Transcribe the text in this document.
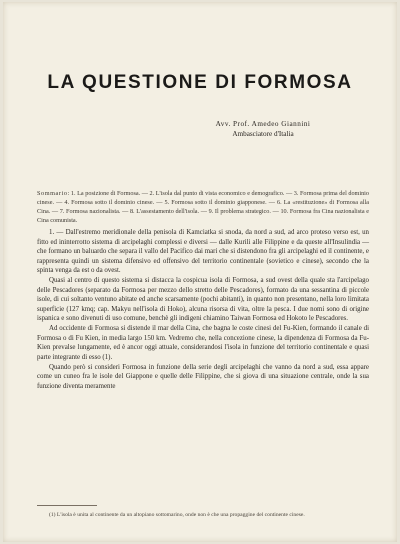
LA QUESTIONE DI FORMOSA
Avv. Prof. Amedeo Giannini
Ambasciatore d'Italia
Sommario: 1. La posizione di Formosa. — 2. L'isola dal punto di vista economico e demografico. — 3. Formosa prima del dominio cinese. — 4. Formosa sotto il dominio cinese. — 5. Formosa sotto il dominio giapponese. — 6. La «restituzione» di Formosa alla Cina. — 7. Formosa nazionalista. — 8. L'assestamento dell'isola. — 9. Il problema strategico. — 10. Formosa fra Cina nazionalista e Cina comunista.

1. — Dall'estremo meridionale della penisola di Kamciatka si snoda, da nord a sud, ad arco proteso verso est, un fitto ed ininterrotto sistema di arcipelaghi complessi e diversi — dalle Kurili alle Filippine e da queste all'Insulindia — che formano un baluardo che separa il vallo del Pacifico dai mari che si distendono fra gli arcipelaghi ed il continente, e rappresenta quindi un sistema difensivo ed offensivo del territorio continentale (sovietico e cinese), secondo che la spinta venga da est o da ovest.

Quasi al centro di questo sistema si distacca la cospicua isola di Formosa, a sud ovest della quale sta l'arcipelago delle Pescadores (separato da Formosa per mezzo dello stretto delle Pescadores), formato da una sessantina di piccole isole, di cui soltanto ventuno abitate ed anche scarsamente (pochi abitanti), in quanto non presentano, nella loro limitata superficie (127 kmq; cap. Makyu nell'isola di Hoko), alcuna risorsa di vita, oltre la pesca. I due nomi sono di origine ispanica e sono divenuti di uso comune, benchè gli indigeni chiamino Taiwan Formosa ed Hokoto le Pescadores.

Ad occidente di Formosa si distende il mar della Cina, che bagna le coste cinesi del Fu-Kien, formando il canale di Formosa o di Fu Kien, in media largo 150 km. Vedremo che, nella concezione cinese, la dipendenza di Formosa da Fu-Kien prevalse lungamente, ed è ancor oggi attuale, considerandosi l'isola in funzione del territorio continentale e quasi parte integrante di esso (1).

Quando però si consideri Formosa in funzione della serie degli arcipelaghi che vanno da nord a sud, essa appare come un cuneo fra le isole del Giappone e quelle delle Filippine, che si giova di una situazione centrale, onde la sua funzione diventa meramente

(1) L'isola è unita al continente da un altopiano sottomarino, onde non è che una propaggine del continente cinese.
